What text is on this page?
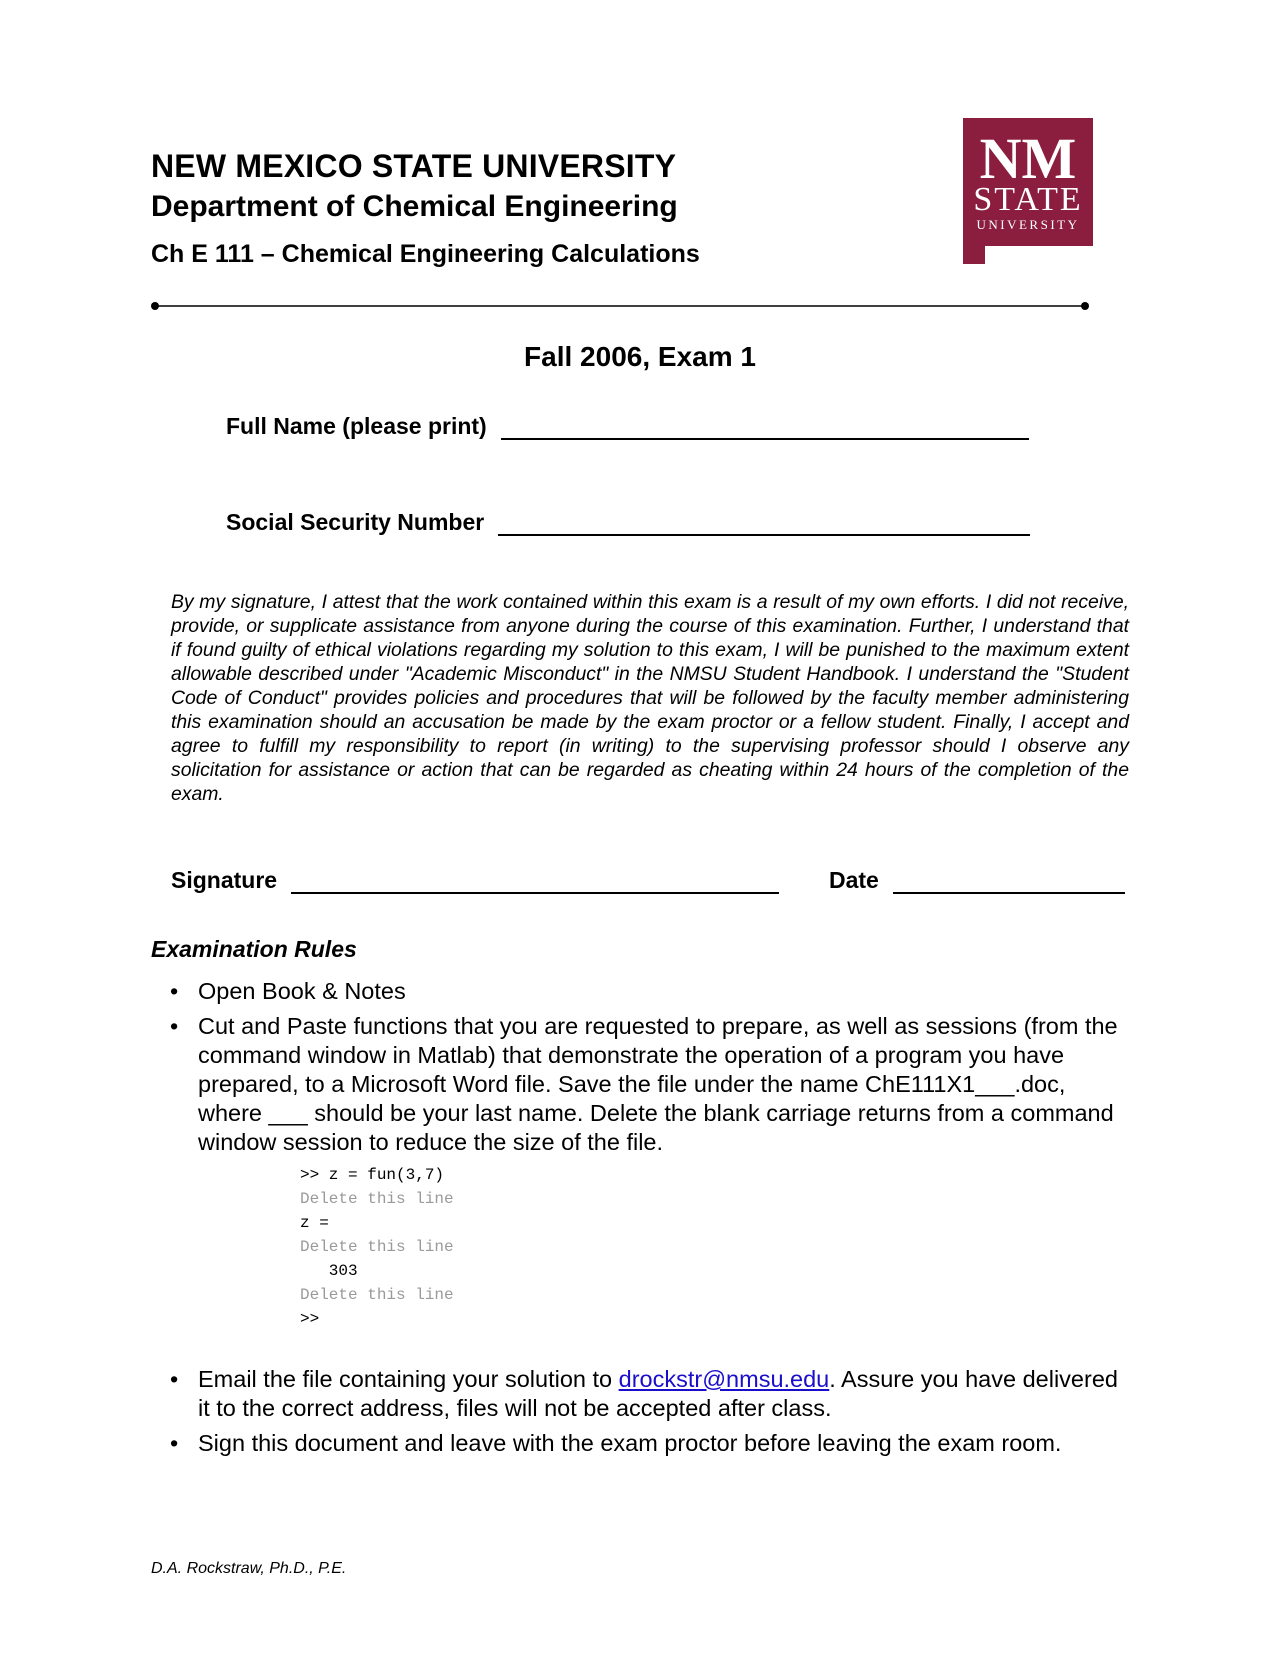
NEW MEXICO STATE UNIVERSITY
Department of Chemical Engineering
Ch E 111 – Chemical Engineering Calculations
NM
STATE
UNIVERSITY
Fall 2006, Exam 1
Full Name (please print)
Social Security Number

By my signature, I attest that the work contained within this exam is a result of my own efforts. I did not receive, provide, or supplicate assistance from anyone during the course of this examination. Further, I understand that if found guilty of ethical violations regarding my solution to this exam, I will be punished to the maximum extent allowable described under "Academic Misconduct" in the NMSU Student Handbook. I understand the "Student Code of Conduct" provides policies and procedures that will be followed by the faculty member administering this examination should an accusation be made by the exam proctor or a fellow student. Finally, I accept and agree to fulfill my responsibility to report (in writing) to the supervising professor should I observe any solicitation for assistance or action that can be regarded as cheating within 24 hours of the completion of the exam.

Signature	Date
Examination Rules
• Open Book & Notes
• Cut and Paste functions that you are requested to prepare, as well as sessions (from the command window in Matlab) that demonstrate the operation of a program you have prepared, to a Microsoft Word file. Save the file under the name ChE111X1___.doc, where ___ should be your last name. Delete the blank carriage returns from a command window session to reduce the size of the file.
>> z = fun(3,7)
Delete this line
z =
Delete this line
303
Delete this line
>>
• Email the file containing your solution to drockstr@nmsu.edu. Assure you have delivered it to the correct address, files will not be accepted after class.
• Sign this document and leave with the exam proctor before leaving the exam room.
D.A. Rockstraw, Ph.D., P.E.
